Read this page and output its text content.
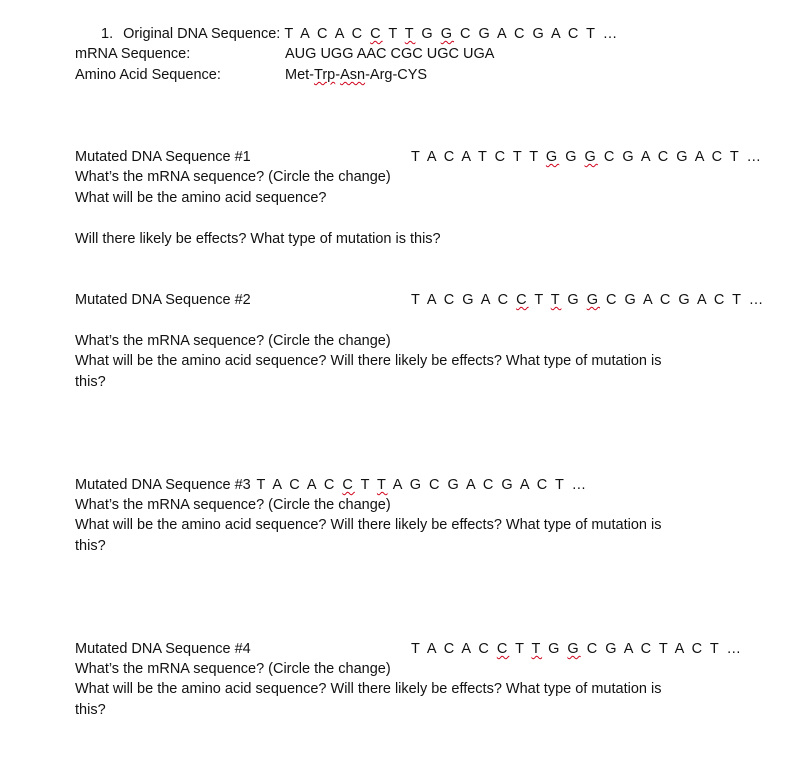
1. Original DNA Sequence: T A C A C C T T G G C G A C G A C T …
mRNA Sequence:	AUG UGG AAC CGC UGC UGA
Amino Acid Sequence:	Met-Trp-Asn-Arg-CYS
Mutated DNA Sequence #1	T A C A T C T T G G G C G A C G A C T …
What’s the mRNA sequence? (Circle the change)
What will be the amino acid sequence?
Will there likely be effects? What type of mutation is this?
Mutated DNA Sequence #2	T A C G A C C T T G G C G A C G A C T …
What’s the mRNA sequence? (Circle the change)
What will be the amino acid sequence? Will there likely be effects? What type of mutation is this?
Mutated DNA Sequence #3 T A C A C C T T A G C G A C G A C T …
What’s the mRNA sequence? (Circle the change)
What will be the amino acid sequence? Will there likely be effects? What type of mutation is this?
Mutated DNA Sequence #4	T A C A C C T T G G C G A C T A C T …
What’s the mRNA sequence? (Circle the change)
What will be the amino acid sequence? Will there likely be effects? What type of mutation is this?
